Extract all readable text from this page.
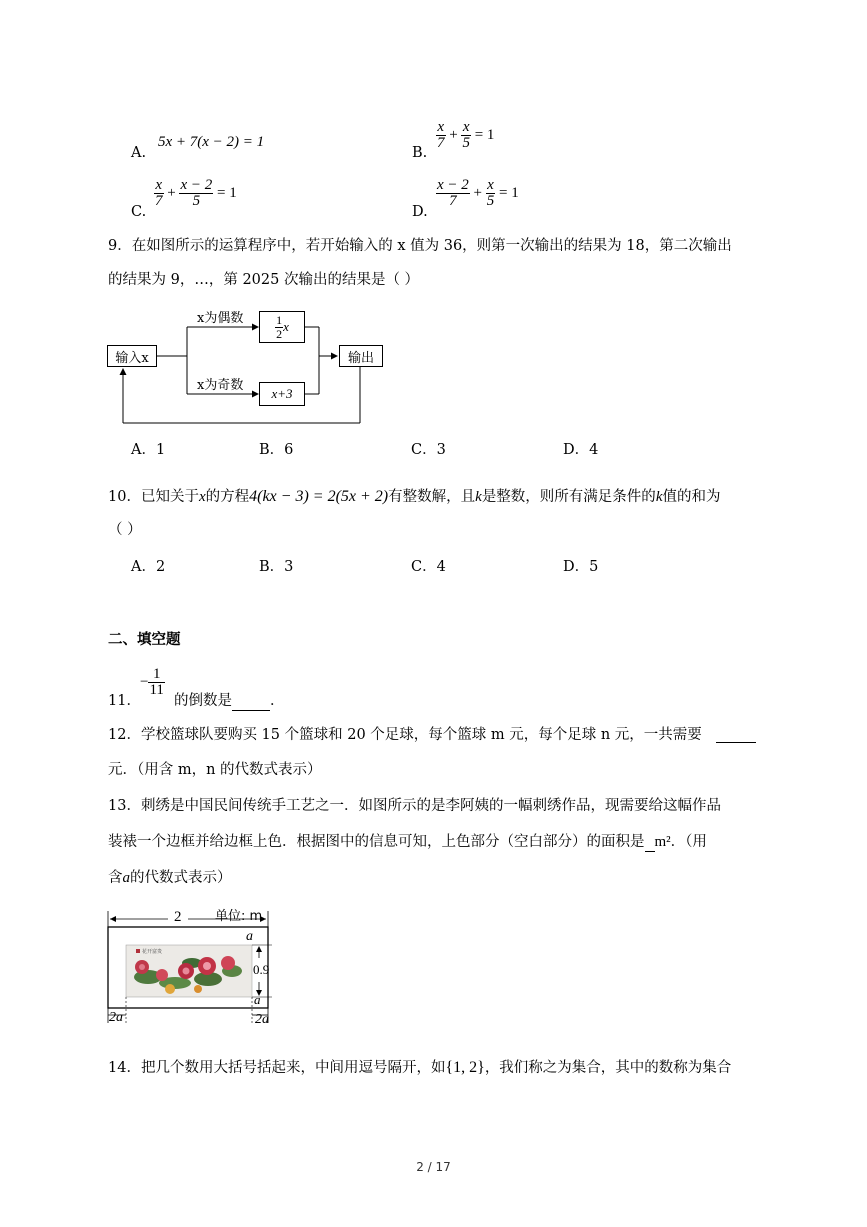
A.
5x + 7(x − 2) = 1
B.
$\frac{x}{7} + \frac{x}{5} = 1$
C.
$\frac{x}{7} + \frac{x - 2}{5} = 1$
D.
$\frac{x - 2}{7} + \frac{x}{5} = 1$
9．在如图所示的运算程序中，若开始输入的 x 值为 36，则第一次输出的结果为 18，第二次输出
的结果为 9，…，第 2025 次输出的结果是（ ）
输入x
x为偶数
x为奇数
$\frac{1}{2}$ x
x+3
输出
A．1	B．6	C．3	D．4
10．已知关于x的方程4(kx − 3) = 2(5x + 2)有整数解，且k是整数，则所有满足条件的k值的和为
（ ）
A．2	B．3	C．4	D．5
二、填空题
11．
− $\frac{1}{11}$
的倒数是	．
12．学校篮球队要购买 15 个篮球和 20 个足球，每个篮球 m 元，每个足球 n 元，一共需要
元．（用含 m，n 的代数式表示）
13．刺绣是中国民间传统手工艺之一．如图所示的是李阿姨的一幅刺绣作品，现需要给这幅作品
装裱一个边框并给边框上色．根据图中的信息可知，上色部分（空白部分）的面积是 m²．（用
含a的代数式表示）
花开富贵
单位: m
2
a
0.9
a
2a	2a
14．把几个数用大括号括起来，中间用逗号隔开，如{1, 2}，我们称之为集合，其中的数称为集合
2 / 17
